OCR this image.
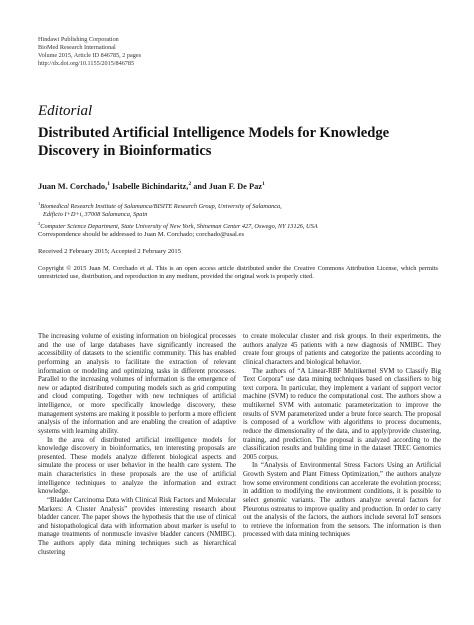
Hindawi Publishing Corporation
BioMed Research International
Volume 2015, Article ID 846785, 2 pages
http://dx.doi.org/10.1155/2015/846785
Editorial
Distributed Artificial Intelligence Models for Knowledge Discovery in Bioinformatics
Juan M. Corchado,$^1$ Isabelle Bichindaritz,$^2$ and Juan F. De Paz$^1$
$^1$Biomedical Research Institute of Salamanca/BISITE Research Group, University of Salamanca,
Edificio I+D+i, 37008 Salamanca, Spain
$^2$Computer Science Department, State University of New York, Shineman Center 427, Oswego, NY 13126, USA
Correspondence should be addressed to Juan M. Corchado; corchado@usal.es
Received 2 February 2015; Accepted 2 February 2015
Copyright © 2015 Juan M. Corchado et al. This is an open access article distributed under the Creative Commons Attribution License, which permits unrestricted use, distribution, and reproduction in any medium, provided the original work is properly cited.

The increasing volume of existing information on biological processes and the use of large databases have significantly increased the accessibility of datasets to the scientific community. This has enabled performing an analysis to facilitate the extraction of relevant information or modeling and optimizing tasks in different processes. Parallel to the increasing volumes of information is the emergence of new or adapted distributed computing models such as grid computing and cloud computing. Together with new techniques of artificial intelligence, or more specifically knowledge discovery, these management systems are making it possible to perform a more efficient analysis of the information and are enabling the creation of adaptive systems with learning ability.

In the area of distributed artificial intelligence models for knowledge discovery in bioinformatics, ten interesting proposals are presented. These models analyze different biological aspects and simulate the process or user behavior in the health care system. The main characteristics in these proposals are the use of artificial intelligence techniques to analyze the information and extract knowledge.

“Bladder Carcinoma Data with Clinical Risk Factors and Molecular Markers: A Cluster Analysis” provides interesting research about bladder cancer. The paper shows the hypothesis that the use of clinical and histopathological data with information about marker is useful to manage treatments of nonmuscle invasive bladder cancers (NMIBC). The authors apply data mining techniques such as hierarchical clustering

to create molecular cluster and risk groups. In their experiments, the authors analyze 45 patients with a new diagnosis of NMIBC. They create four groups of patients and categorize the patients according to clinical characters and biological behavior.

The authors of “A Linear-RBF Multikernel SVM to Classify Big Text Corpora” use data mining techniques based on classifiers to big text corpora. In particular, they implement a variant of support vector machine (SVM) to reduce the computational cost. The authors show a multikernel SVM with automatic parameterization to improve the results of SVM parameterized under a brute force search. The proposal is composed of a workflow with algorithms to process documents, reduce the dimensionality of the data, and to apply/provide clustering, training, and prediction. The proposal is analyzed according to the classification results and building time in the dataset TREC Genomics 2005 corpus.

In “Analysis of Environmental Stress Factors Using an Artificial Growth System and Plant Fitness Optimization,” the authors analyze how some environment conditions can accelerate the evolution process; in addition to modifying the environment conditions, it is possible to select genomic variants. The authors analyze several factors for Pleurotus ostreatus to improve quality and production. In order to carry out the analysis of the factors, the authors include several IoT sensors to retrieve the information from the sensors. The information is then processed with data mining techniques
